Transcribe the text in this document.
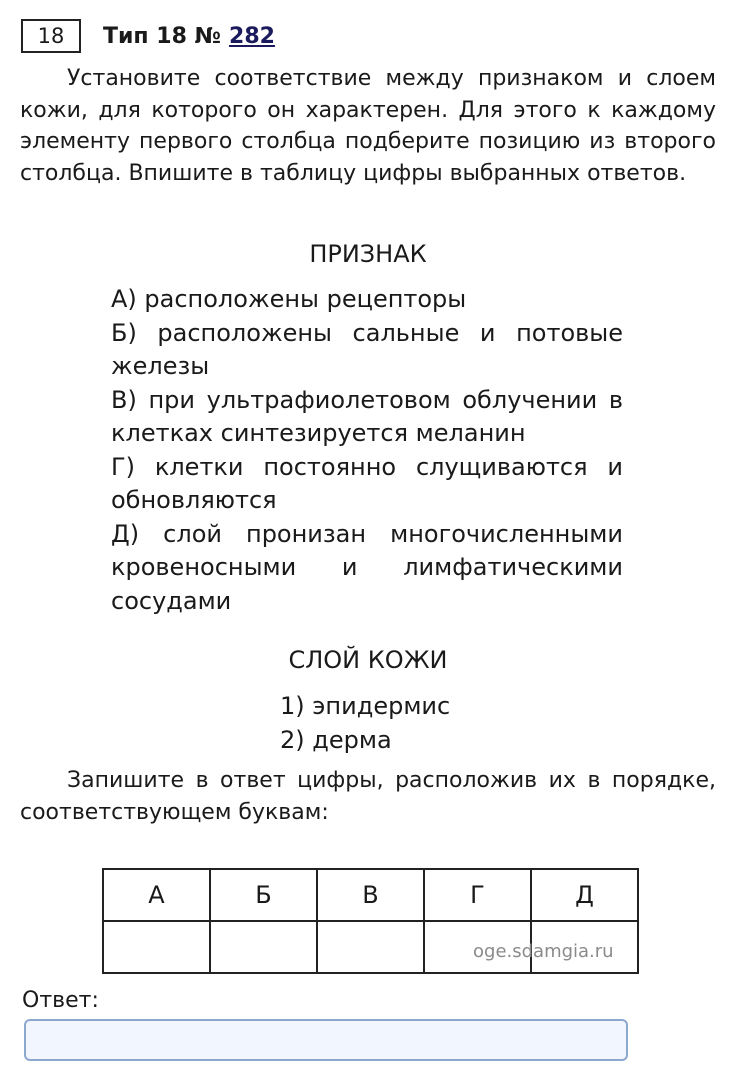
18	Тип 18 № 282

Установите соответствие между признаком и слоем кожи, для которого он характерен. Для этого к каждому элементу первого столбца подберите позицию из второго столбца. Впишите в таблицу цифры выбранных ответов.

ПРИЗНАК
А) расположены рецепторы
Б) расположены сальные и потовые железы
В) при ультрафиолетовом облучении в клетках синтезируется меланин
Г) клетки постоянно слущиваются и обновляются
Д) слой пронизан многочисленными кровеносными и лимфатическими сосудами
СЛОЙ КОЖИ
1) эпидермис
2) дерма

Запишите в ответ цифры, расположив их в порядке, соответствующем буквам:

А	Б	В	Г	Д

oge.sdamgia.ru
Ответ:
